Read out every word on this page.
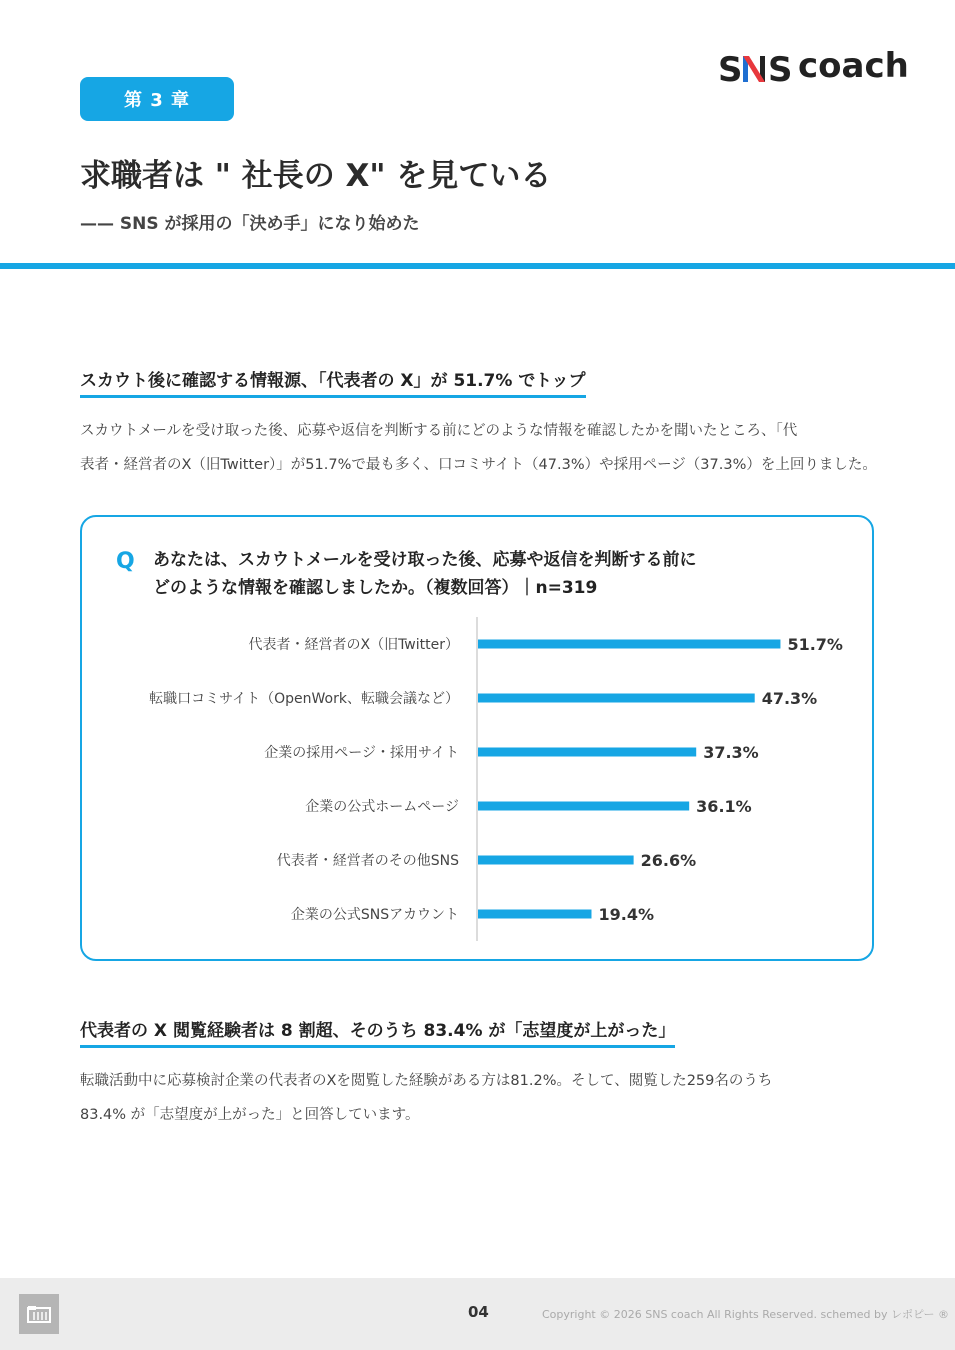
第 3 章
S S coach
求職者は " 社長の X" を見ている
—— SNS が採用の「決め手」になり始めた
スカウト後に確認する情報源、「代表者の X」が 51.7% でトップ
スカウトメールを受け取った後、応募や返信を判断する前にどのような情報を確認したかを聞いたところ、「代
表者・経営者のX（旧Twitter）」が51.7%で最も多く、口コミサイト（47.3%）や採用ページ（37.3%）を上回りました。
Q あなたは、スカウトメールを受け取った後、応募や返信を判断する前に
どのような情報を確認しましたか。（複数回答）｜n=319
代表者・経営者のX（旧Twitter）	51.7%
転職口コミサイト（OpenWork、転職会議など）	47.3%
企業の採用ページ・採用サイト	37.3%
企業の公式ホームページ	36.1%
代表者・経営者のその他SNS	26.6%
企業の公式SNSアカウント	19.4%
代表者の X 閲覧経験者は 8 割超、そのうち 83.4% が「志望度が上がった」
転職活動中に応募検討企業の代表者のXを閲覧した経験がある方は81.2%。そして、閲覧した259名のうち
83.4% が「志望度が上がった」と回答しています。
04	Copyright © 2026 SNS coach All Rights Reserved. schemed by レポピー ®
